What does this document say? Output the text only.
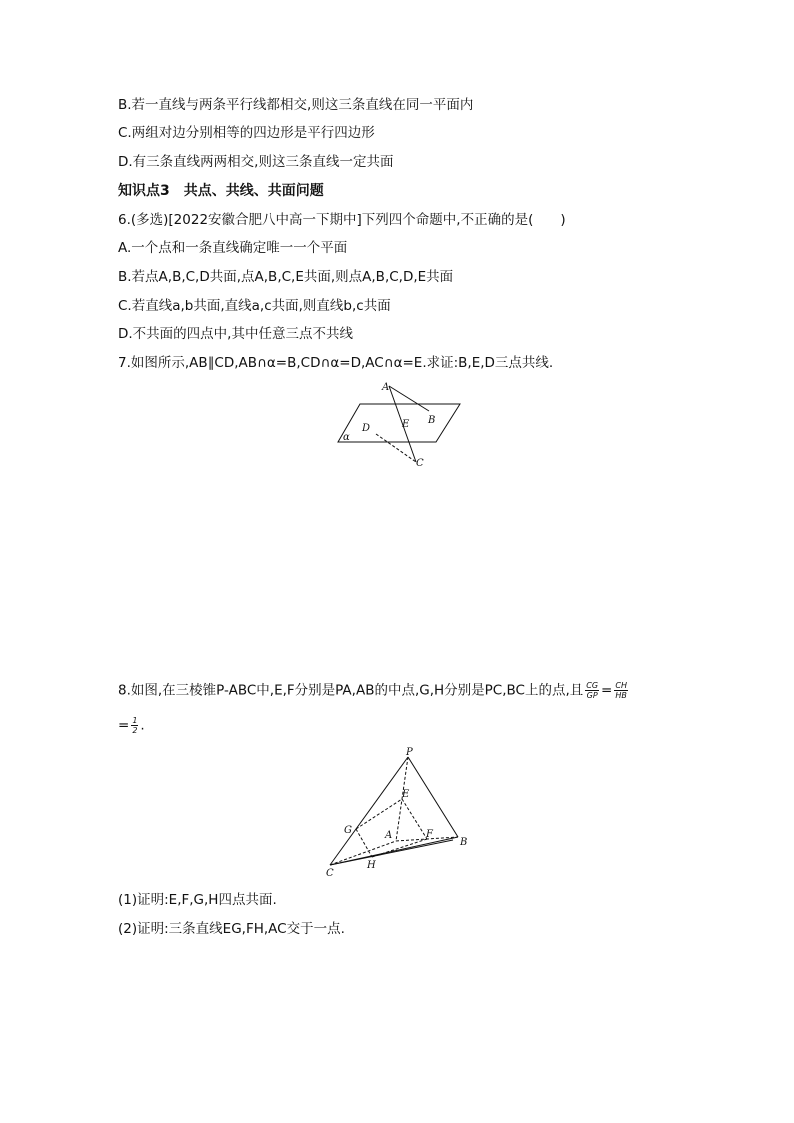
B.若一直线与两条平行线都相交,则这三条直线在同一平面内
C.两组对边分别相等的四边形是平行四边形
D.有三条直线两两相交,则这三条直线一定共面
知识点3　共点、共线、共面问题
6.(多选)[2022安徽合肥八中高一下期中]下列四个命题中,不正确的是(　　)
A.一个点和一条直线确定唯一一个平面
B.若点A,B,C,D共面,点A,B,C,E共面,则点A,B,C,D,E共面
C.若直线a,b共面,直线a,c共面,则直线b,c共面
D.不共面的四点中,其中任意三点不共线
7.如图所示,AB∥CD,AB∩α=B,CD∩α=D,AC∩α=E.求证:B,E,D三点共线.
A
B
C
D	E
α
8.如图,在三棱锥P-ABC中,E,F分别是PA,AB的中点,G,H分别是PC,BC上的点,且 $\frac{CG}{GP} = \frac{CH}{HB}$
= $\frac{1}{2}$ .
P
E
G	A	F
B
C
H
(1)证明:E,F,G,H四点共面.
(2)证明:三条直线EG,FH,AC交于一点.
